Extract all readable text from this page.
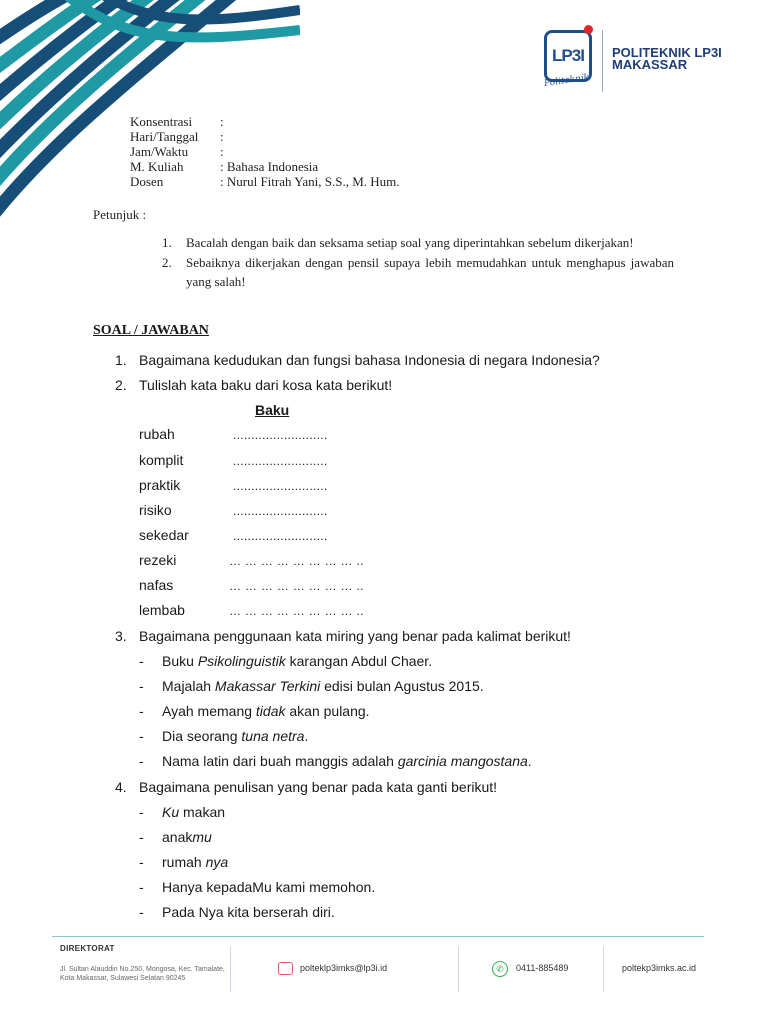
LP3I
Politeknik
POLITEKNIK LP3I
MAKASSAR
Konsentrasi	:
Hari/Tanggal	:
Jam/Waktu	:
M. Kuliah	: Bahasa Indonesia
Dosen	: Nurul Fitrah Yani, S.S., M. Hum.
Petunjuk :
1.	Bacalah dengan baik dan seksama setiap soal yang diperintahkan sebelum dikerjakan!
2.	Sebaiknya dikerjakan dengan pensil supaya lebih memudahkan untuk menghapus jawaban yang salah!
SOAL / JAWABAN
1. Bagaimana kedudukan dan fungsi bahasa Indonesia di negara Indonesia?
2. Tulislah kata baku dari kosa kata berikut!
Baku
rubah	..........................
komplit	..........................
praktik	..........................
risiko	..........................
sekedar	..........................
rezeki	… … … … … … … … ..
nafas	… … … … … … … … ..
lembab	… … … … … … … … ..
3. Bagaimana penggunaan kata miring yang benar pada kalimat berikut!
- Buku Psikolinguistik karangan Abdul Chaer.
- Majalah Makassar Terkini edisi bulan Agustus 2015.
- Ayah memang tidak akan pulang.
- Dia seorang tuna netra.
- Nama latin dari buah manggis adalah garcinia mangostana.
4. Bagaimana penulisan yang benar pada kata ganti berikut!
- Ku makan
- anakmu
- rumah nya
- Hanya kepadaMu kami memohon.
- Pada Nya kita berserah diri.
DIREKTORAT
Jl. Sultan Alauddin No.250, Mongosa, Kec. Tamalate, Kota Makassar, Sulawesi Selatan 90245
polteklp3imks@lp3i.id	✆	0411-885489	poltekp3imks.ac.id
